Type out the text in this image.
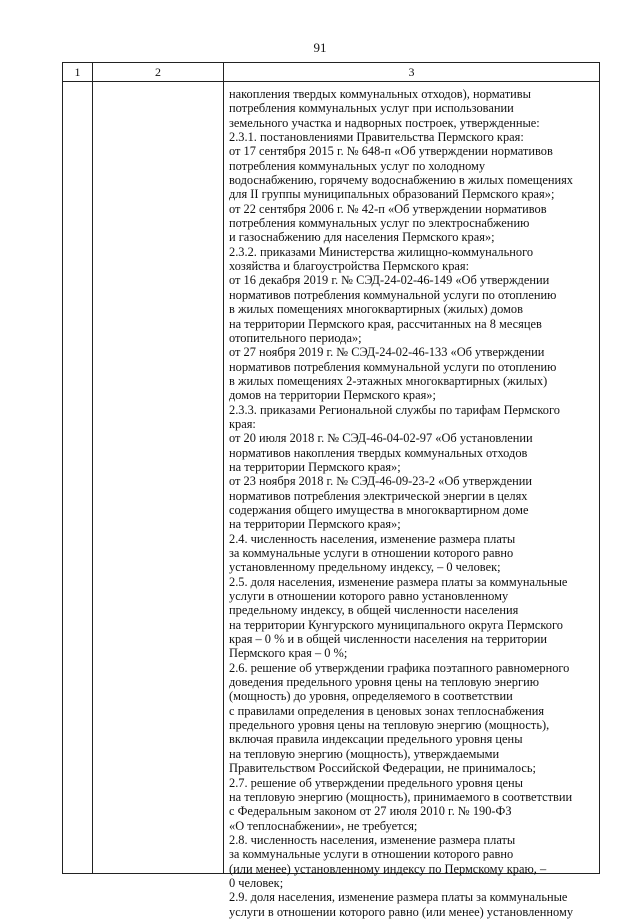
91
1	2	3
накопления твердых коммунальных отходов), нормативы
потребления коммунальных услуг при использовании
земельного участка и надворных построек, утвержденные:
2.3.1. постановлениями Правительства Пермского края:
от 17 сентября 2015 г. № 648-п «Об утверждении нормативов
потребления коммунальных услуг по холодному
водоснабжению, горячему водоснабжению в жилых помещениях
для II группы муниципальных образований Пермского края»;
от 22 сентября 2006 г. № 42-п «Об утверждении нормативов
потребления коммунальных услуг по электроснабжению
и газоснабжению для населения Пермского края»;
2.3.2. приказами Министерства жилищно-коммунального
хозяйства и благоустройства Пермского края:
от 16 декабря 2019 г. № СЭД-24-02-46-149 «Об утверждении
нормативов потребления коммунальной услуги по отоплению
в жилых помещениях многоквартирных (жилых) домов
на территории Пермского края, рассчитанных на 8 месяцев
отопительного периода»;
от 27 ноября 2019 г. № СЭД-24-02-46-133 «Об утверждении
нормативов потребления коммунальной услуги по отоплению
в жилых помещениях 2-этажных многоквартирных (жилых)
домов на территории Пермского края»;
2.3.3. приказами Региональной службы по тарифам Пермского
края:
от 20 июля 2018 г. № СЭД-46-04-02-97 «Об установлении
нормативов накопления твердых коммунальных отходов
на территории Пермского края»;
от 23 ноября 2018 г. № СЭД-46-09-23-2 «Об утверждении
нормативов потребления электрической энергии в целях
содержания общего имущества в многоквартирном доме
на территории Пермского края»;
2.4. численность населения, изменение размера платы
за коммунальные услуги в отношении которого равно
установленному предельному индексу, – 0 человек;
2.5. доля населения, изменение размера платы за коммунальные
услуги в отношении которого равно установленному
предельному индексу, в общей численности населения
на территории Кунгурского муниципального округа Пермского
края – 0 % и в общей численности населения на территории
Пермского края – 0 %;
2.6. решение об утверждении графика поэтапного равномерного
доведения предельного уровня цены на тепловую энергию
(мощность) до уровня, определяемого в соответствии
с правилами определения в ценовых зонах теплоснабжения
предельного уровня цены на тепловую энергию (мощность),
включая правила индексации предельного уровня цены
на тепловую энергию (мощность), утверждаемыми
Правительством Российской Федерации, не принималось;
2.7. решение об утверждении предельного уровня цены
на тепловую энергию (мощность), принимаемого в соответствии
с Федеральным законом от 27 июля 2010 г. № 190-ФЗ
«О теплоснабжении», не требуется;
2.8. численность населения, изменение размера платы
за коммунальные услуги в отношении которого равно
(или менее) установленному индексу по Пермскому краю, –
0 человек;
2.9. доля населения, изменение размера платы за коммунальные
услуги в отношении которого равно (или менее) установленному
